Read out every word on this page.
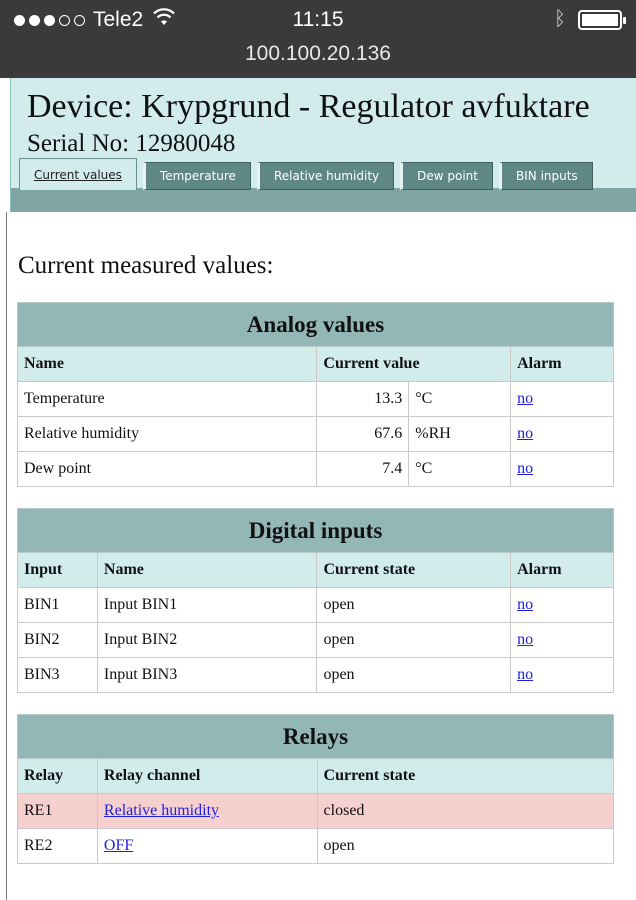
Tele2	11:15	ᛒ
100.100.20.136
Device: Krypgrund - Regulator avfuktare
Serial No: 12980048
Current values	Temperature	Relative humidity	Dew point	BIN inputs
Current measured values:
Analog values			
Name	Current value		Alarm
Temperature	13.3	°C	no
Relative humidity	67.6	%RH	no
Dew point	7.4	°C	no
Digital inputs			
Input	Name	Current state	Alarm
BIN1	Input BIN1	open	no
BIN2	Input BIN2	open	no
BIN3	Input BIN3	open	no
Relays		
Relay	Relay channel	Current state
RE1	Relative humidity	closed
RE2	OFF	open
